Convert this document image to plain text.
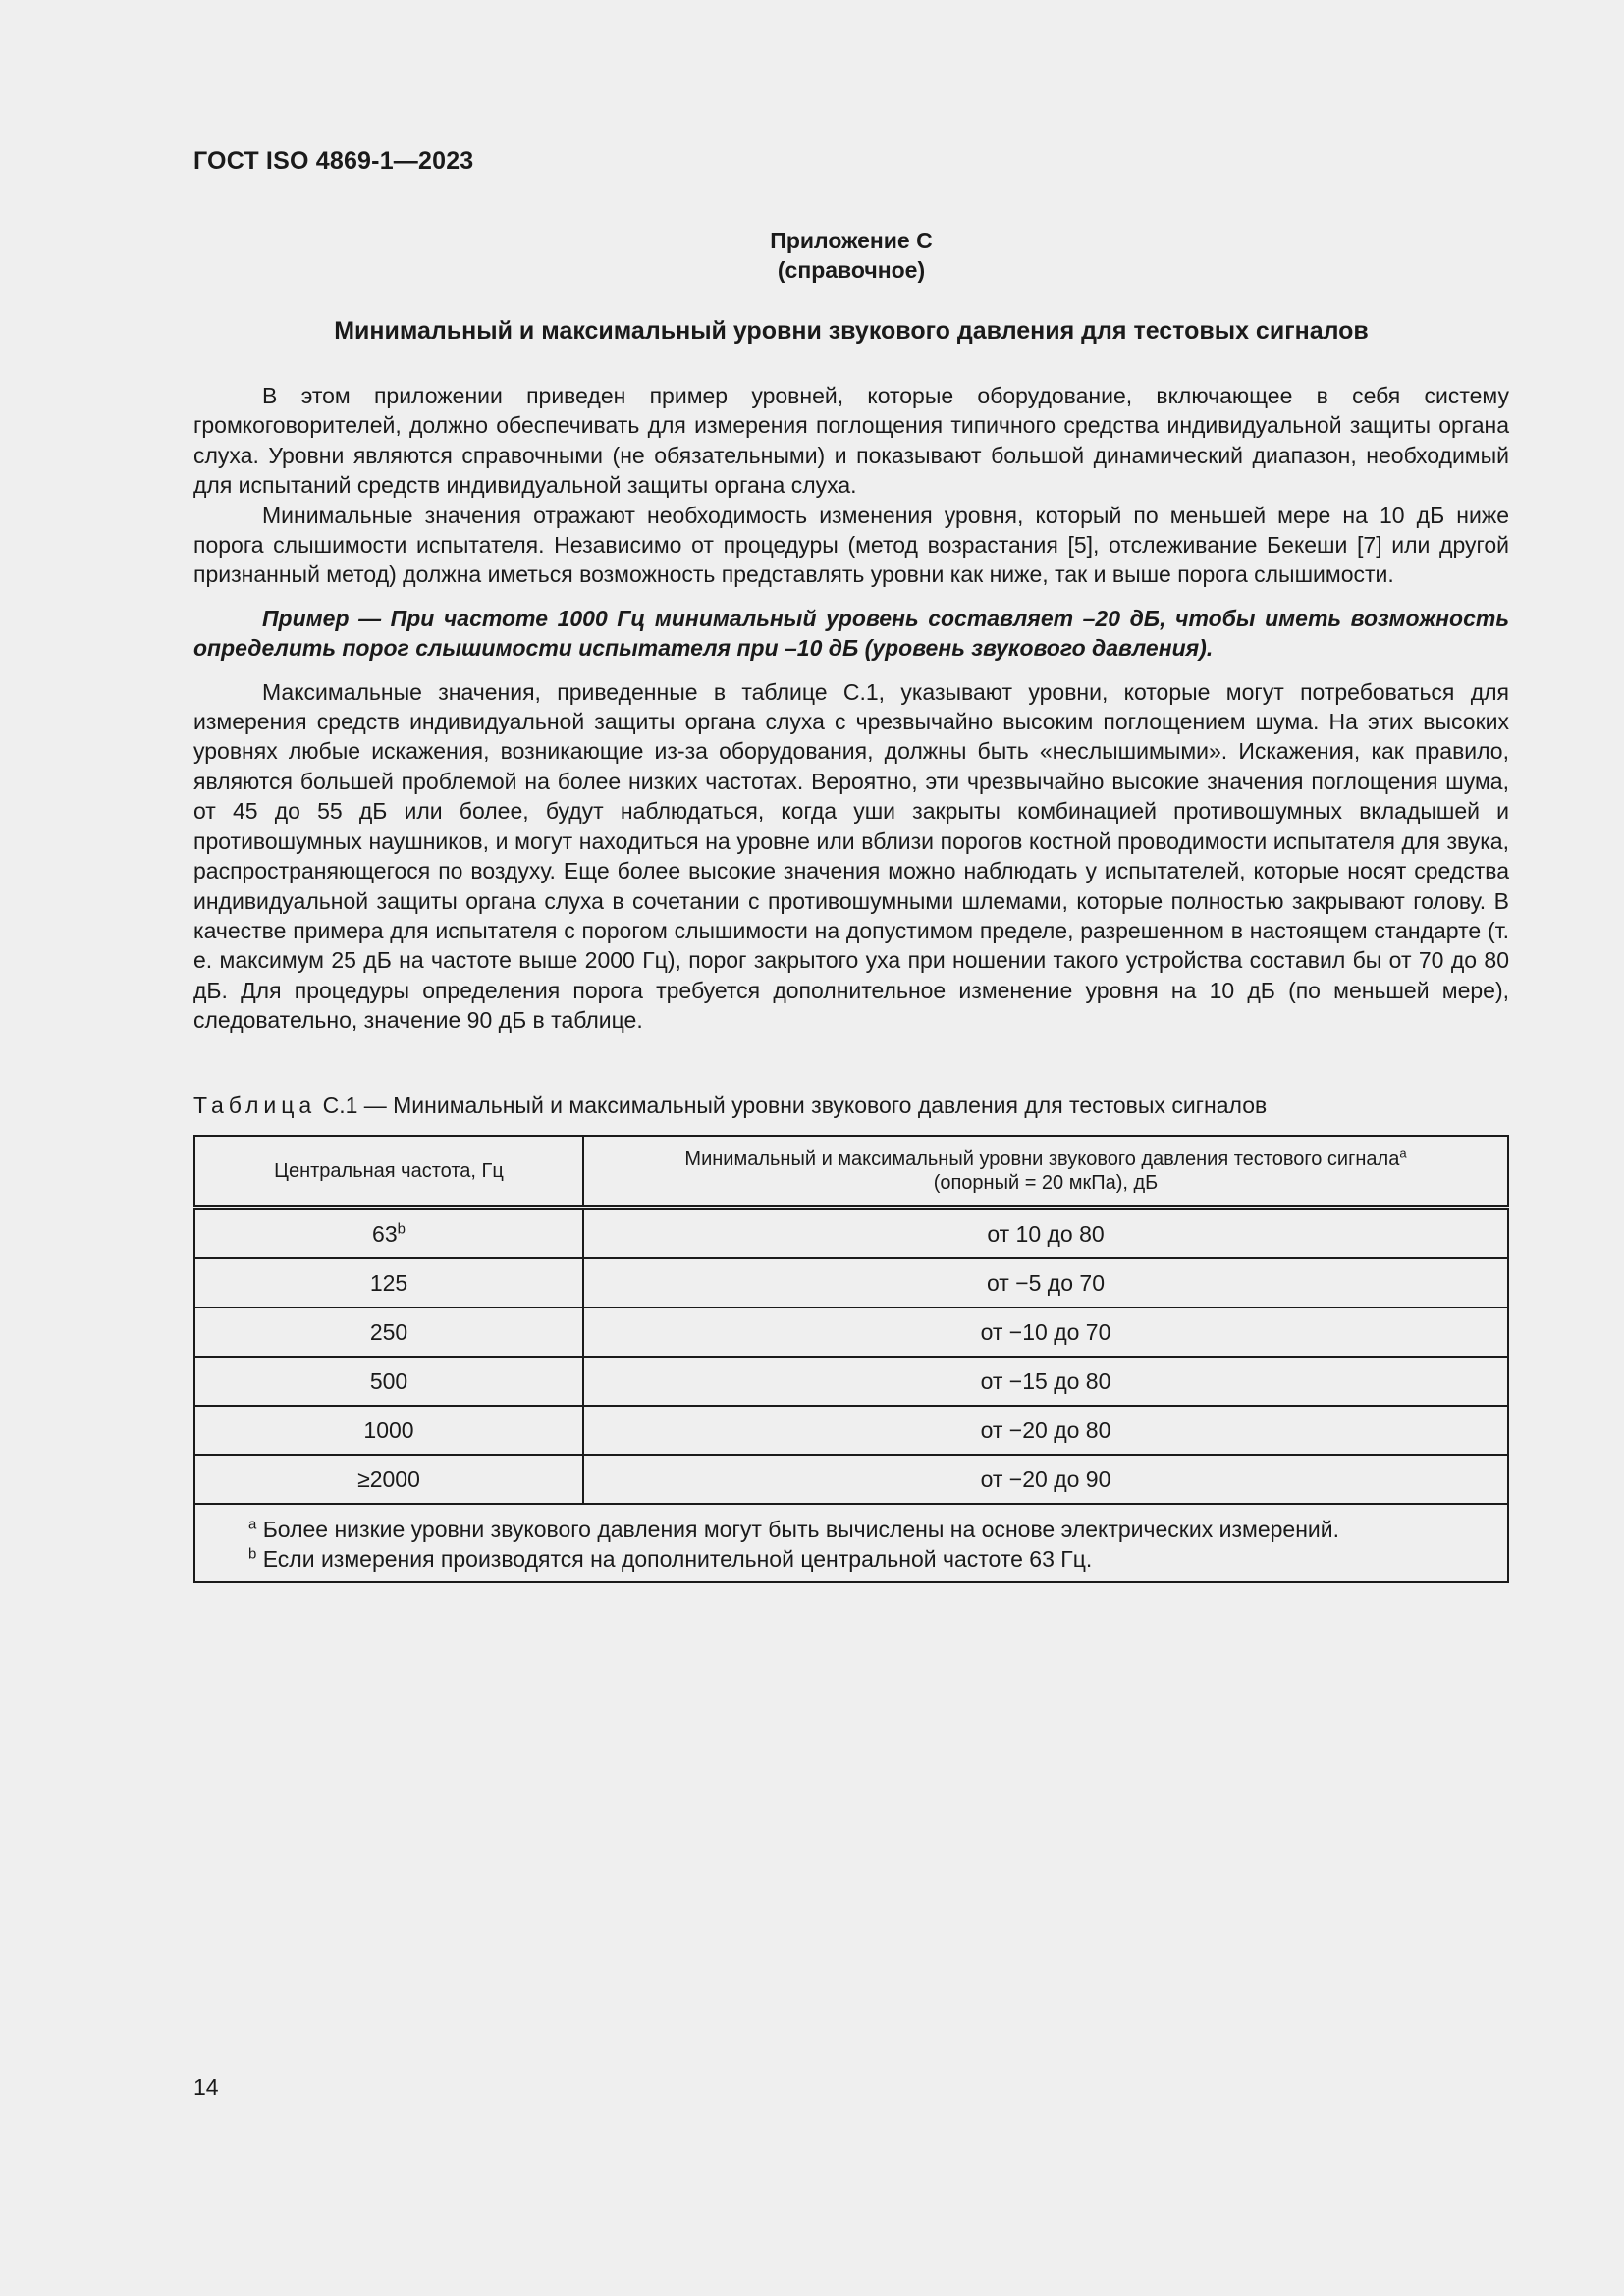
ГОСТ ISO 4869-1—2023
Приложение С
(справочное)
Минимальный и максимальный уровни звукового давления для тестовых сигналов

В этом приложении приведен пример уровней, которые оборудование, включающее в себя систему громкоговорителей, должно обеспечивать для измерения поглощения типичного средства индивидуальной защиты органа слуха. Уровни являются справочными (не обязательными) и показывают большой динамический диапазон, необходимый для испытаний средств индивидуальной защиты органа слуха.

Минимальные значения отражают необходимость изменения уровня, который по меньшей мере на 10 дБ ниже порога слышимости испытателя. Независимо от процедуры (метод возрастания [5], отслеживание Бекеши [7] или другой признанный метод) должна иметься возможность представлять уровни как ниже, так и выше порога слышимости.

Пример — При частоте 1000 Гц минимальный уровень составляет –20 дБ, чтобы иметь возможность определить порог слышимости испытателя при –10 дБ (уровень звукового давления).

Максимальные значения, приведенные в таблице С.1, указывают уровни, которые могут потребоваться для измерения средств индивидуальной защиты органа слуха с чрезвычайно высоким поглощением шума. На этих высоких уровнях любые искажения, возникающие из-за оборудования, должны быть «неслышимыми». Искажения, как правило, являются большей проблемой на более низких частотах. Вероятно, эти чрезвычайно высокие значения поглощения шума, от 45 до 55 дБ или более, будут наблюдаться, когда уши закрыты комбинацией противошумных вкладышей и противошумных наушников, и могут находиться на уровне или вблизи порогов костной проводимости испытателя для звука, распространяющегося по воздуху. Еще более высокие значения можно наблюдать у испытателей, которые носят средства индивидуальной защиты органа слуха в сочетании с противошумными шлемами, которые полностью закрывают голову. В качестве примера для испытателя с порогом слышимости на допустимом пределе, разрешенном в настоящем стандарте (т. е. максимум 25 дБ на частоте выше 2000 Гц), порог закрытого уха при ношении такого устройства составил бы от 70 до 80 дБ. Для процедуры определения порога требуется дополнительное изменение уровня на 10 дБ (по меньшей мере), следовательно, значение 90 дБ в таблице.

Таблица С.1 — Минимальный и максимальный уровни звукового давления для тестовых сигналов
Центральная частота, Гц	Минимальный и максимальный уровни звукового давления тестового сигнала$^a$
(опорный = 20 мкПа), дБ
63$^b$	от 10 до 80
125	от −5 до 70
250	от −10 до 70
500	от −15 до 80
1000	от −20 до 80
≥2000	от −20 до 90

$^a$ Более низкие уровни звукового давления могут быть вычислены на основе электрических измерений.
$^b$ Если измерения производятся на дополнительной центральной частоте 63 Гц.	
14
